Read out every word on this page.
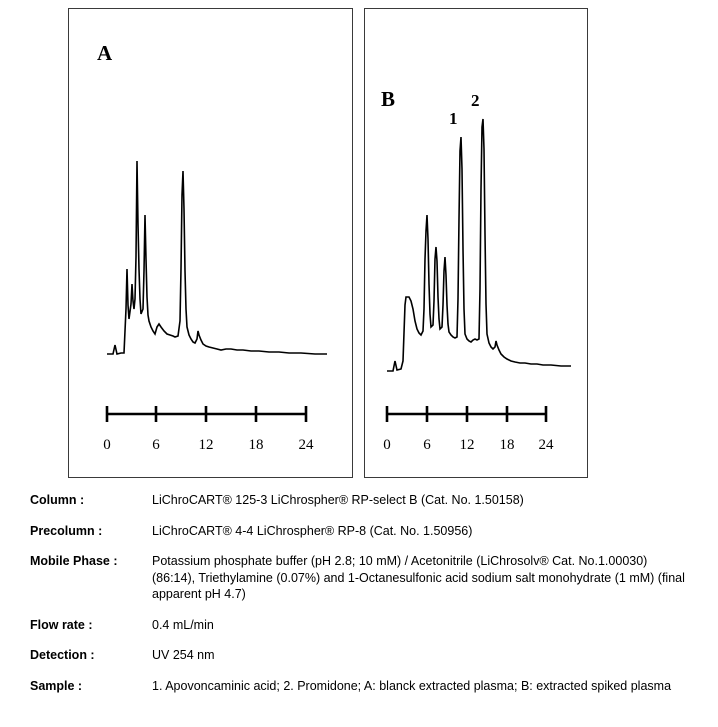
A
0	6	12 18 24
B
1
2
0 6 12 18 24
Column :	LiChroCART® 125-3 LiChrospher® RP-select B (Cat. No. 1.50158)
Precolumn :	LiChroCART® 4-4 LiChrospher® RP-8 (Cat. No. 1.50956)
Mobile Phase :	Potassium phosphate buffer (pH 2.8; 10 mM) / Acetonitrile (LiChrosolv® Cat. No.1.00030) (86:14), Triethylamine (0.07%) and 1-Octanesulfonic acid sodium salt monohydrate (1 mM) (final apparent pH 4.7)
Flow rate :	0.4 mL/min
Detection :	UV 254 nm
Sample :	1. Apovoncaminic acid; 2. Promidone; A: blanck extracted plasma; B: extracted spiked plasma
